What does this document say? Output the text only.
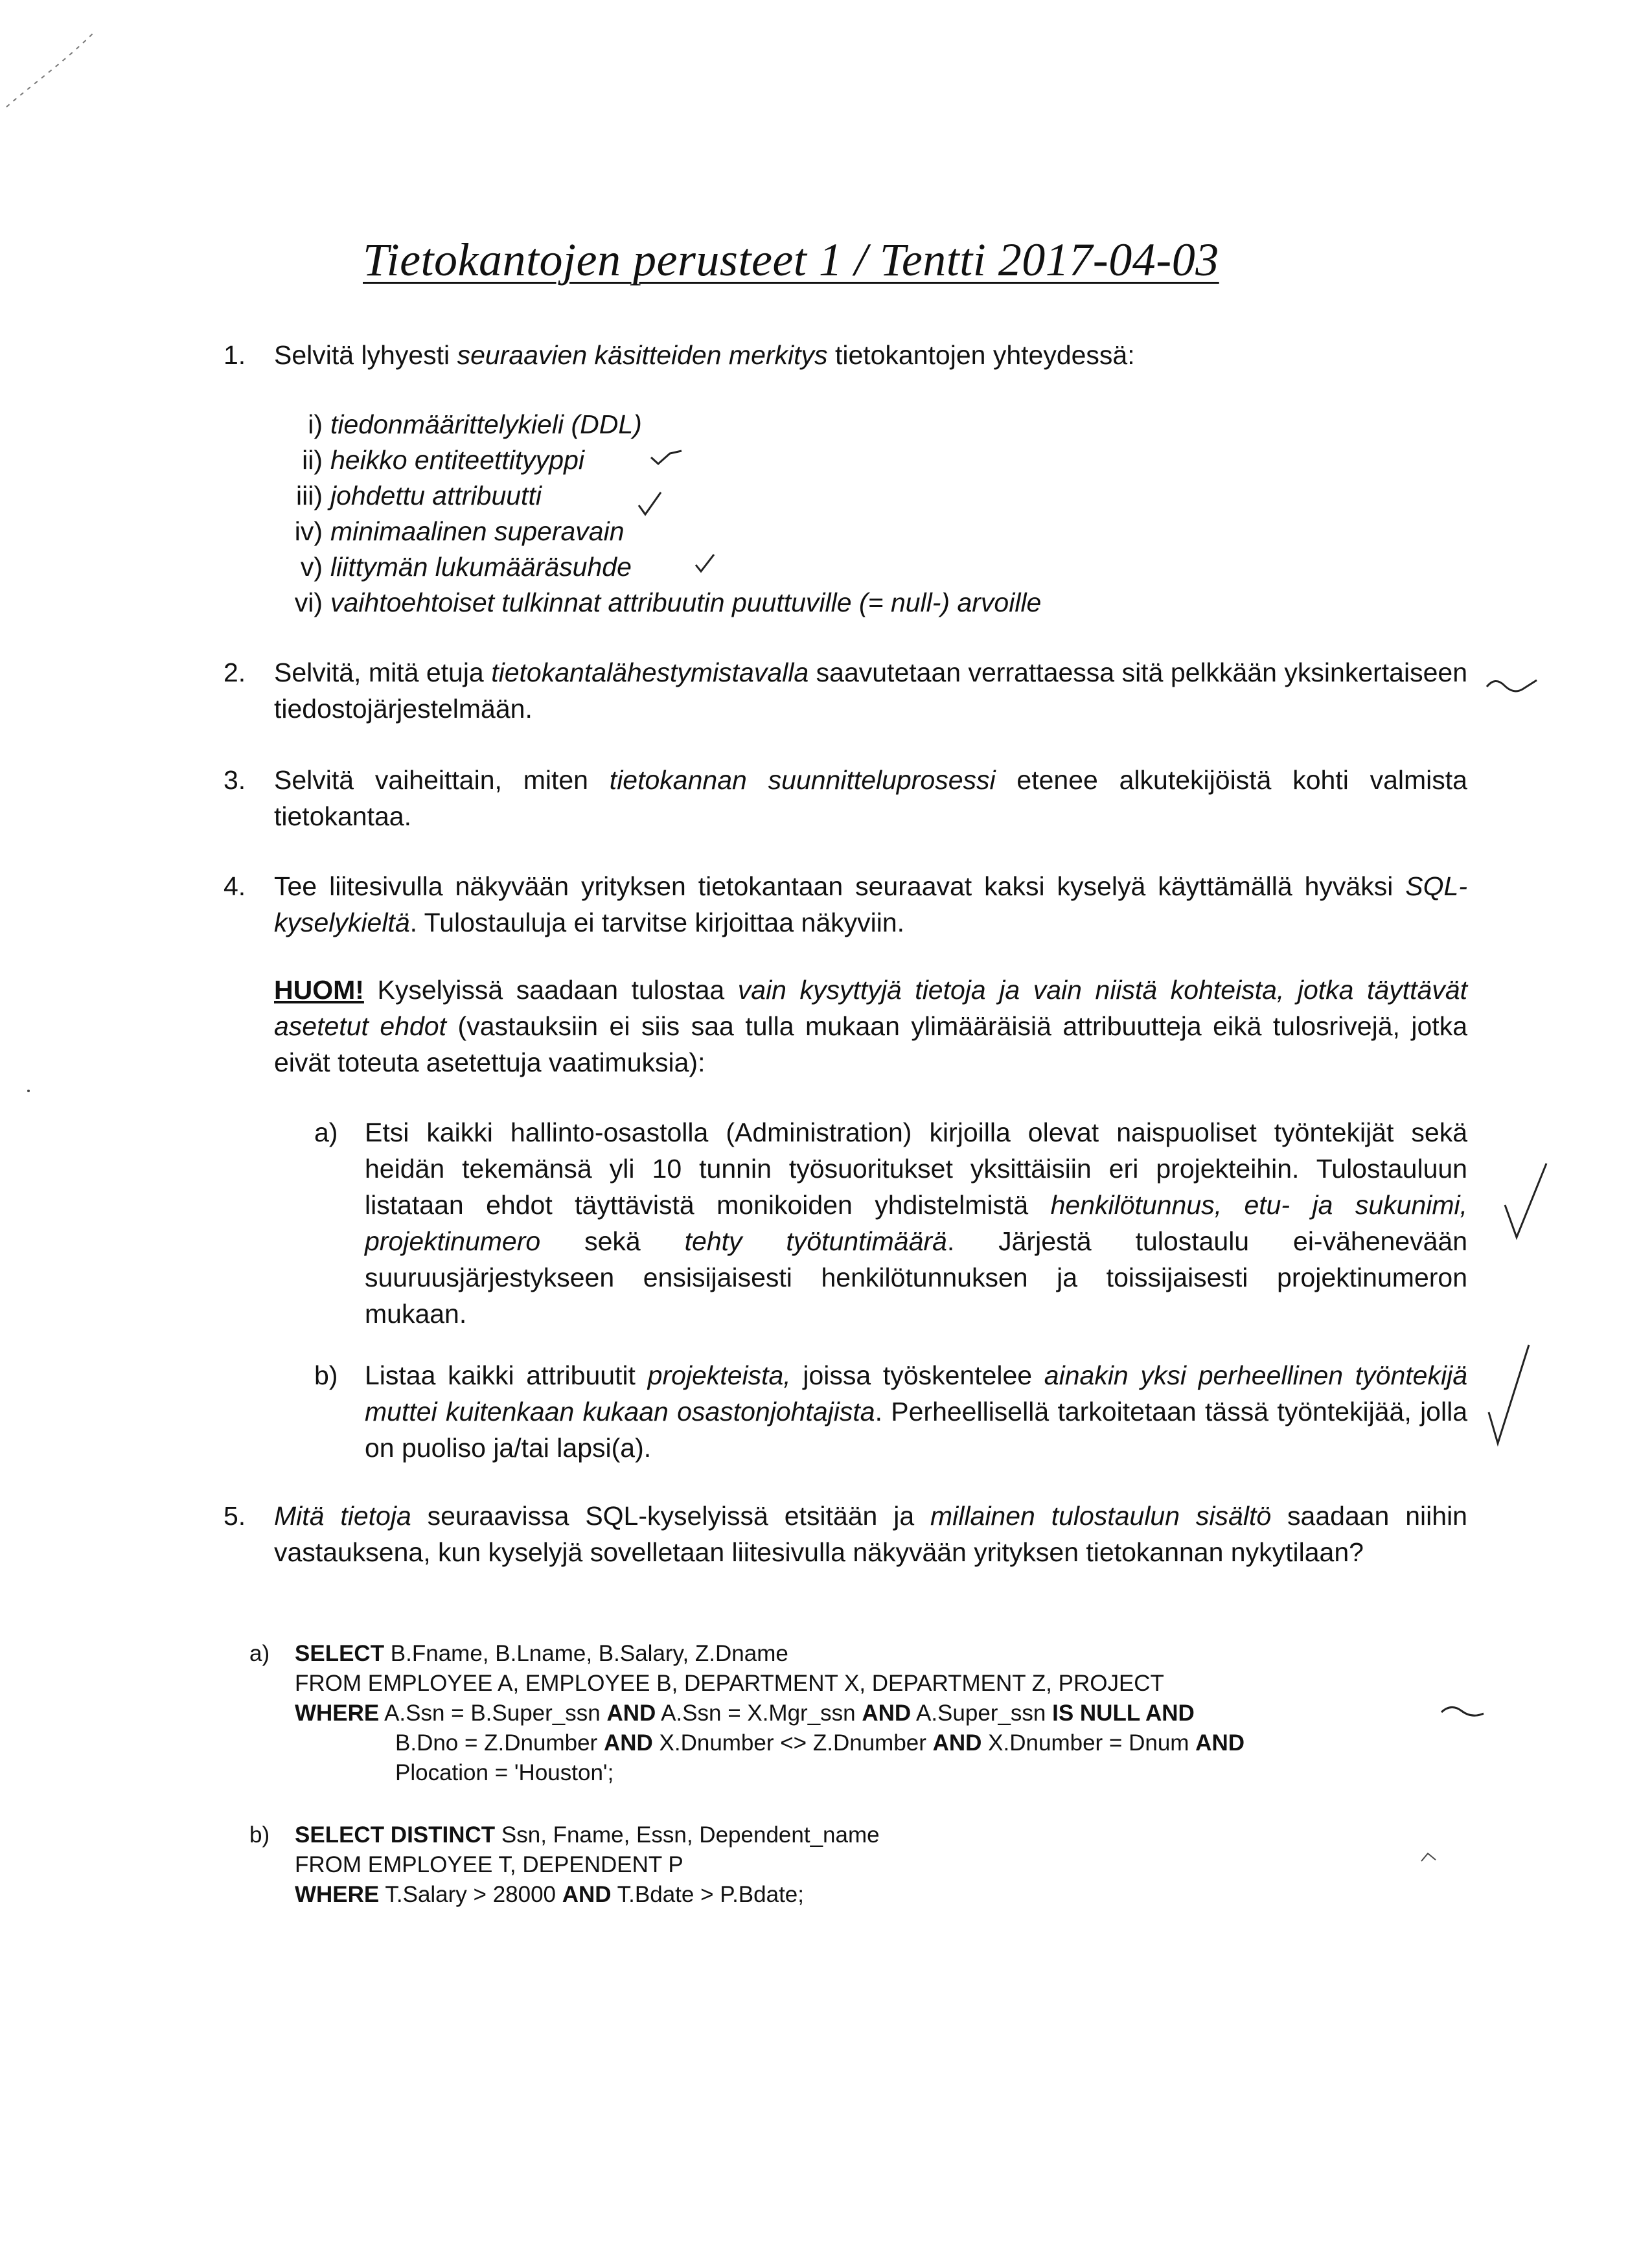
Tietokantojen perusteet 1 / Tentti 2017-04-03
1. Selvitä lyhyesti seuraavien käsitteiden merkitys tietokantojen yhteydessä:
i) tiedonmäärittelykieli (DDL)
ii) heikko entiteettityyppi
iii) johdettu attribuutti
iv) minimaalinen superavain
v) liittymän lukumääräsuhde
vi) vaihtoehtoiset tulkinnat attribuutin puuttuville (= null-) arvoille
2. Selvitä, mitä etuja tietokantalähestymistavalla saavutetaan verrattaessa sitä pelkkään yksinkertaiseen tiedostojärjestelmään.
3. Selvitä vaiheittain, miten tietokannan suunnitteluprosessi etenee alkutekijöistä kohti valmista tietokantaa.
4. Tee liitesivulla näkyvään yrityksen tietokantaan seuraavat kaksi kyselyä käyttämällä hyväksi SQL-kyselykieltä. Tulostauluja ei tarvitse kirjoittaa näkyviin.
HUOM! Kyselyissä saadaan tulostaa vain kysyttyjä tietoja ja vain niistä kohteista, jotka täyttävät asetetut ehdot (vastauksiin ei siis saa tulla mukaan ylimääräisiä attribuutteja eikä tulosrivejä, jotka eivät toteuta asetettuja vaatimuksia):
a) Etsi kaikki hallinto-osastolla (Administration) kirjoilla olevat naispuoliset työntekijät sekä heidän tekemänsä yli 10 tunnin työsuoritukset yksittäisiin eri projekteihin. Tulostauluun listataan ehdot täyttävistä monikoiden yhdistelmistä henkilötunnus, etu- ja sukunimi, projektinumero sekä tehty työtuntimäärä. Järjestä tulostaulu ei-vähenevään suuruusjärjestykseen ensisijaisesti henkilötunnuksen ja toissijaisesti projektinumeron mukaan.
b) Listaa kaikki attribuutit projekteista, joissa työskentelee ainakin yksi perheellinen työntekijä muttei kuitenkaan kukaan osastonjohtajista. Perheellisellä tarkoitetaan tässä työntekijää, jolla on puoliso ja/tai lapsi(a).
5. Mitä tietoja seuraavissa SQL-kyselyissä etsitään ja millainen tulostaulun sisältö saadaan niihin vastauksena, kun kyselyjä sovelletaan liitesivulla näkyvään yrityksen tietokannan nykytilaan?
a) SELECT B.Fname, B.Lname, B.Salary, Z.Dname
FROM EMPLOYEE A, EMPLOYEE B, DEPARTMENT X, DEPARTMENT Z, PROJECT
WHERE A.Ssn = B.Super_ssn AND A.Ssn = X.Mgr_ssn AND A.Super_ssn IS NULL AND
B.Dno = Z.Dnumber AND X.Dnumber <> Z.Dnumber AND X.Dnumber = Dnum AND
Plocation = 'Houston';
b) SELECT DISTINCT Ssn, Fname, Essn, Dependent_name
FROM EMPLOYEE T, DEPENDENT P
WHERE T.Salary > 28000 AND T.Bdate > P.Bdate;
